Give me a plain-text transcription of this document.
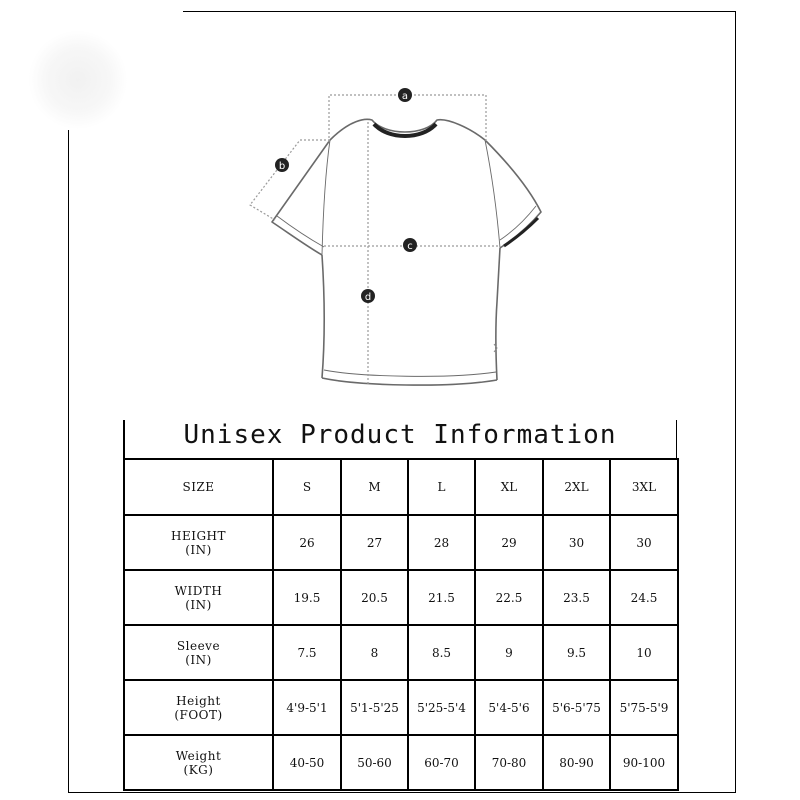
a
b
c
d
Unisex Product Information
SIZE	S	M	L	XL	2XL	3XL

HEIGHT
(IN)	26	27	28	29	30	30

WIDTH
(IN)	19.5	20.5	21.5	22.5	23.5	24.5

Sleeve
(IN)	7.5	8	8.5	9	9.5	10

Height
(FOOT)	4'9-5'1	5'1-5'25	5'25-5'4	5'4-5'6	5'6-5'75	5'75-5'9

Weight
(KG)	40-50	50-60	60-70	70-80	80-90	90-100
